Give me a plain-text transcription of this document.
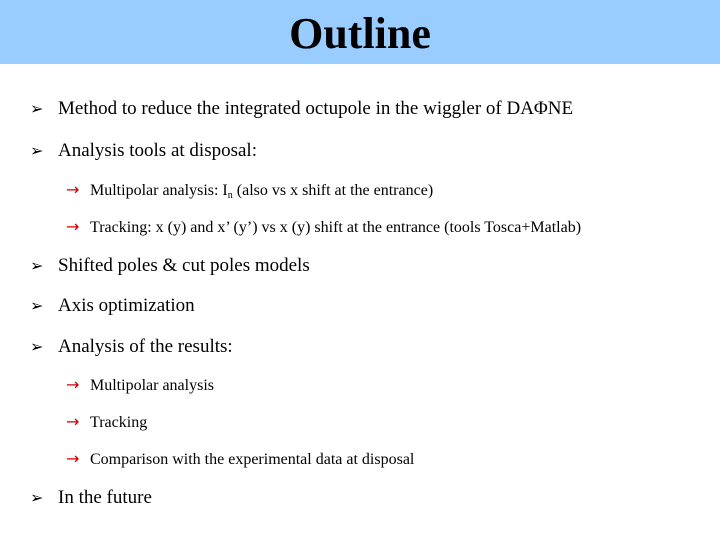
Outline
➢ Method to reduce the integrated octupole in the wiggler of DAΦNE
➢ Analysis tools at disposal:
→ Multipolar analysis: $I_n$ (also vs x shift at the entrance)
→ Tracking: x (y) and x’ (y’) vs x (y) shift at the entrance (tools Tosca+Matlab)
➢ Shifted poles & cut poles models
➢ Axis optimization
➢ Analysis of the results:
→ Multipolar analysis
→ Tracking
→ Comparison with the experimental data at disposal
➢ In the future
